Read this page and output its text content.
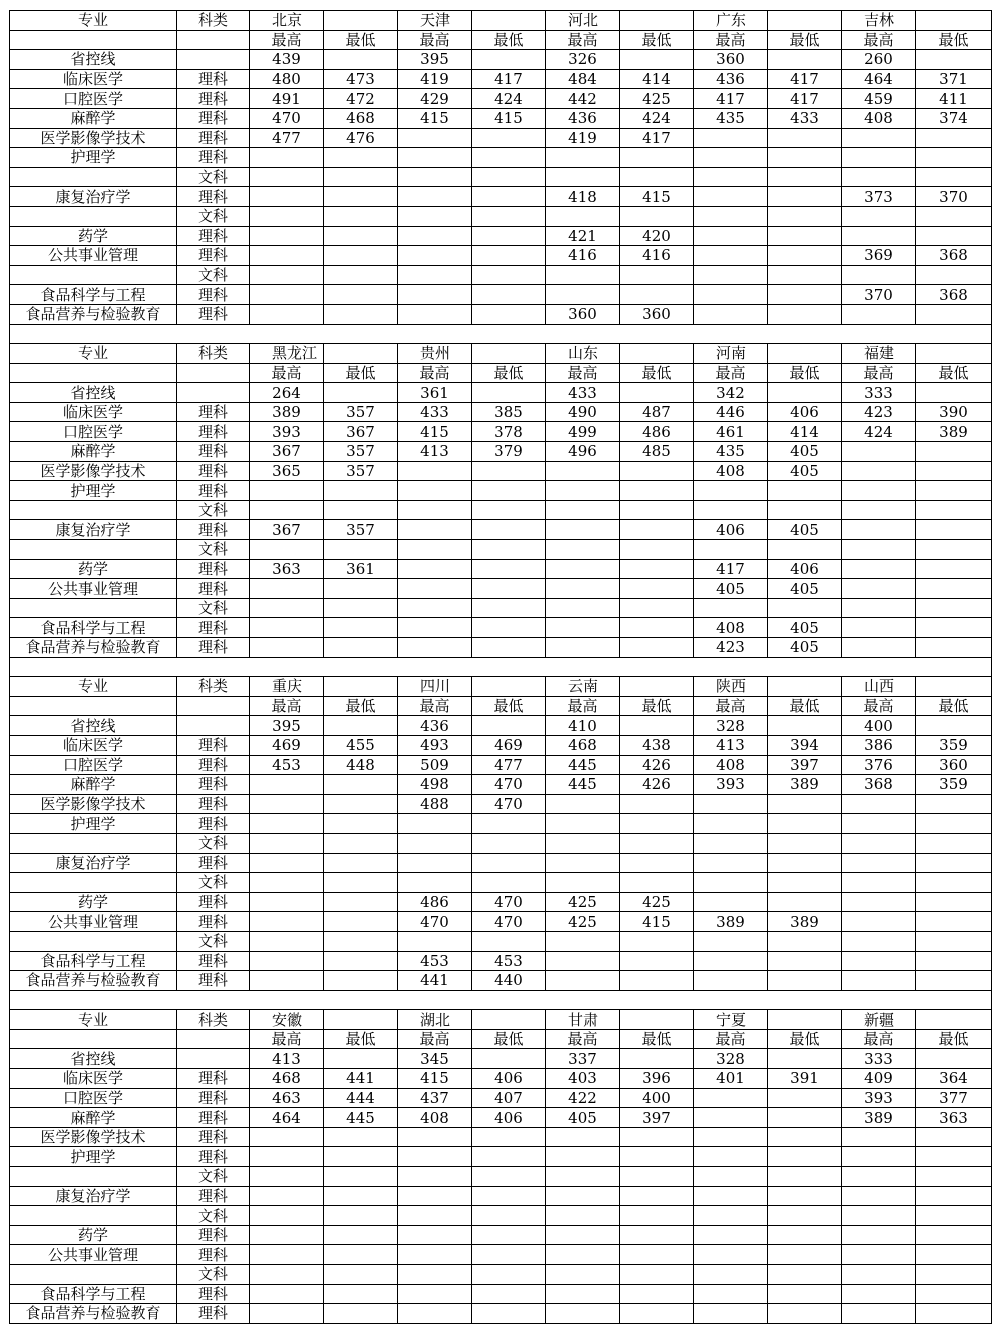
专业	科类	北京		天津		河北		广东		吉林	
		最高	最低	最高	最低	最高	最低	最高	最低	最高	最低
省控线		439		395		326		360		260	
临床医学	理科	480	473	419	417	484	414	436	417	464	371
口腔医学	理科	491	472	429	424	442	425	417	417	459	411
麻醉学	理科	470	468	415	415	436	424	435	433	408	374
医学影像学技术	理科	477	476			419	417				
护理学	理科										
	文科										
康复治疗学	理科					418	415			373	370
	文科										
药学	理科					421	420				
公共事业管理	理科					416	416			369	368
	文科										
食品科学与工程	理科									370	368
食品营养与检验教育	理科					360	360				

专业	科类	黑龙江		贵州		山东		河南		福建	
		最高	最低	最高	最低	最高	最低	最高	最低	最高	最低
省控线		264		361		433		342		333	
临床医学	理科	389	357	433	385	490	487	446	406	423	390
口腔医学	理科	393	367	415	378	499	486	461	414	424	389
麻醉学	理科	367	357	413	379	496	485	435	405		
医学影像学技术	理科	365	357					408	405		
护理学	理科										
	文科										
康复治疗学	理科	367	357					406	405		
	文科										
药学	理科	363	361					417	406		
公共事业管理	理科							405	405		
	文科										
食品科学与工程	理科							408	405		
食品营养与检验教育	理科							423	405		

专业	科类	重庆		四川		云南		陕西		山西	
		最高	最低	最高	最低	最高	最低	最高	最低	最高	最低
省控线		395		436		410		328		400	
临床医学	理科	469	455	493	469	468	438	413	394	386	359
口腔医学	理科	453	448	509	477	445	426	408	397	376	360
麻醉学	理科			498	470	445	426	393	389	368	359
医学影像学技术	理科			488	470						
护理学	理科										
	文科										
康复治疗学	理科										
	文科										
药学	理科			486	470	425	425				
公共事业管理	理科			470	470	425	415	389	389		
	文科										
食品科学与工程	理科			453	453						
食品营养与检验教育	理科			441	440						

专业	科类	安徽		湖北		甘肃		宁夏		新疆	
		最高	最低	最高	最低	最高	最低	最高	最低	最高	最低
省控线		413		345		337		328		333	
临床医学	理科	468	441	415	406	403	396	401	391	409	364
口腔医学	理科	463	444	437	407	422	400			393	377
麻醉学	理科	464	445	408	406	405	397			389	363
医学影像学技术	理科										
护理学	理科										
	文科										
康复治疗学	理科										
	文科										
药学	理科										
公共事业管理	理科										
	文科										
食品科学与工程	理科										
食品营养与检验教育	理科										
